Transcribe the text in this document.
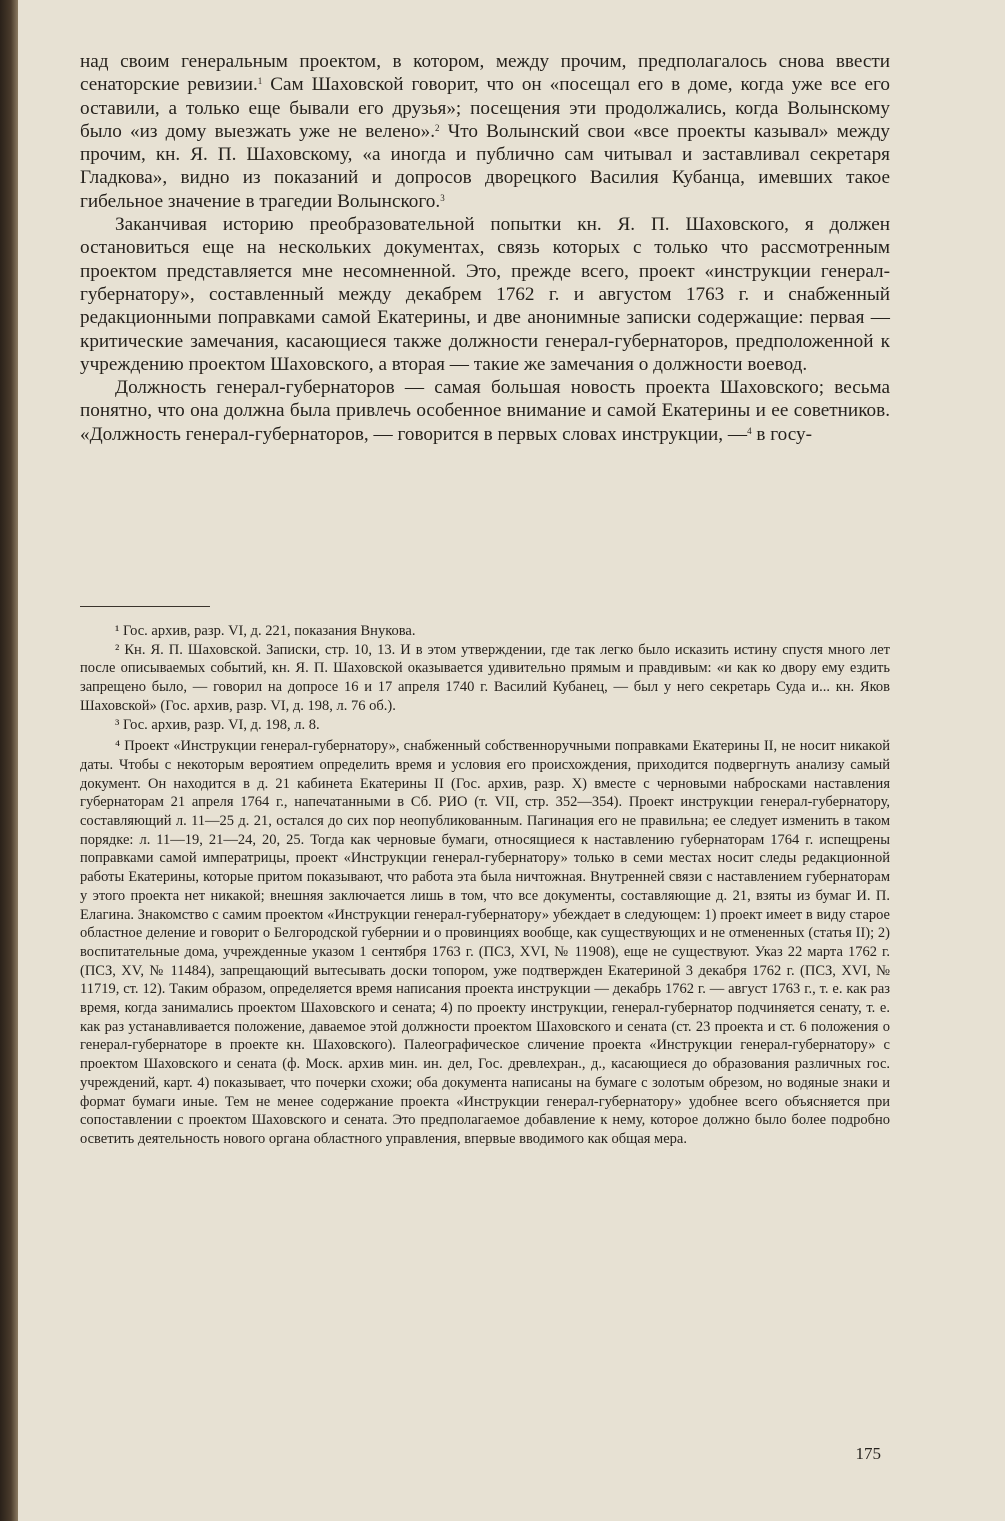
над своим генеральным проектом, в котором, между прочим, предполагалось снова ввести сенаторские ревизии.$^1$ Сам Шаховской говорит, что он «посещал его в доме, когда уже все его оставили, а только еще бывали его друзья»; посещения эти продолжались, когда Волынскому было «из дому выезжать уже не велено».$^2$ Что Волынский свои «все проекты казывал» между прочим, кн. Я. П. Шаховскому, «а иногда и публично сам читывал и заставливал секретаря Гладкова», видно из показаний и допросов дворецкого Василия Кубанца, имевших такое гибельное значение в трагедии Волынского.$^3$

Заканчивая историю преобразовательной попытки кн. Я. П. Шаховского, я должен остановиться еще на нескольких документах, связь которых с только что рассмотренным проектом представляется мне несомненной. Это, прежде всего, проект «инструкции генерал-губернатору», составленный между декабрем 1762 г. и августом 1763 г. и снабженный редакционными поправками самой Екатерины, и две анонимные записки содержащие: первая — критические замечания, касающиеся также должности генерал-губернаторов, предположенной к учреждению проектом Шаховского, а вторая — такие же замечания о должности воевод.

Должность генерал-губернаторов — самая большая новость проекта Шаховского; весьма понятно, что она должна была привлечь особенное внимание и самой Екатерины и ее советников. «Должность генерал-губернаторов, — говорится в первых словах инструкции, —$^4$ в госу-

¹ Гос. архив, разр. VI, д. 221, показания Внукова.

² Кн. Я. П. Шаховской. Записки, стр. 10, 13. И в этом утверждении, где так легко было исказить истину спустя много лет после описываемых событий, кн. Я. П. Шаховской оказывается удивительно прямым и правдивым: «и как ко двору ему ездить запрещено было, — говорил на допросе 16 и 17 апреля 1740 г. Василий Кубанец, — был у него секретарь Суда и... кн. Яков Шаховской» (Гос. архив, разр. VI, д. 198, л. 76 об.).

³ Гос. архив, разр. VI, д. 198, л. 8.

⁴ Проект «Инструкции генерал-губернатору», снабженный собственноручными поправками Екатерины II, не носит никакой даты. Чтобы с некоторым вероятием определить время и условия его происхождения, приходится подвергнуть анализу самый документ. Он находится в д. 21 кабинета Екатерины II (Гос. архив, разр. X) вместе с черновыми набросками наставления губернаторам 21 апреля 1764 г., напечатанными в Сб. РИО (т. VII, стр. 352—354). Проект инструкции генерал-губернатору, составляющий л. 11—25 д. 21, остался до сих пор неопубликованным. Пагинация его не правильна; ее следует изменить в таком порядке: л. 11—19, 21—24, 20, 25. Тогда как черновые бумаги, относящиеся к наставлению губернаторам 1764 г. испещрены поправками самой императрицы, проект «Инструкции генерал-губернатору» только в семи местах носит следы редакционной работы Екатерины, которые притом показывают, что работа эта была ничтожная. Внутренней связи с наставлением губернаторам у этого проекта нет никакой; внешняя заключается лишь в том, что все документы, составляющие д. 21, взяты из бумаг И. П. Елагина. Знакомство с самим проектом «Инструкции генерал-губернатору» убеждает в следующем: 1) проект имеет в виду старое областное деление и говорит о Белгородской губернии и о провинциях вообще, как существующих и не отмененных (статья II); 2) воспитательные дома, учрежденные указом 1 сентября 1763 г. (ПСЗ, XVI, № 11908), еще не существуют. Указ 22 марта 1762 г. (ПСЗ, XV, № 11484), запрещающий вытесывать доски топором, уже подтвержден Екатериной 3 декабря 1762 г. (ПСЗ, XVI, № 11719, ст. 12). Таким образом, определяется время написания проекта инструкции — декабрь 1762 г. — август 1763 г., т. е. как раз время, когда занимались проектом Шаховского и сената; 4) по проекту инструкции, генерал-губернатор подчиняется сенату, т. е. как раз устанавливается положение, даваемое этой должности проектом Шаховского и сената (ст. 23 проекта и ст. 6 положения о генерал-губернаторе в проекте кн. Шаховского). Палеографическое сличение проекта «Инструкции генерал-губернатору» с проектом Шаховского и сената (ф. Моск. архив мин. ин. дел, Гос. древлехран., д., касающиеся до образования различных гос. учреждений, карт. 4) показывает, что почерки схожи; оба документа написаны на бумаге с золотым обрезом, но водяные знаки и формат бумаги иные. Тем не менее содержание проекта «Инструкции генерал-губернатору» удобнее всего объясняется при сопоставлении с проектом Шаховского и сената. Это предполагаемое добавление к нему, которое должно было более подробно осветить деятельность нового органа областного управления, впервые вводимого как общая мера.

175
